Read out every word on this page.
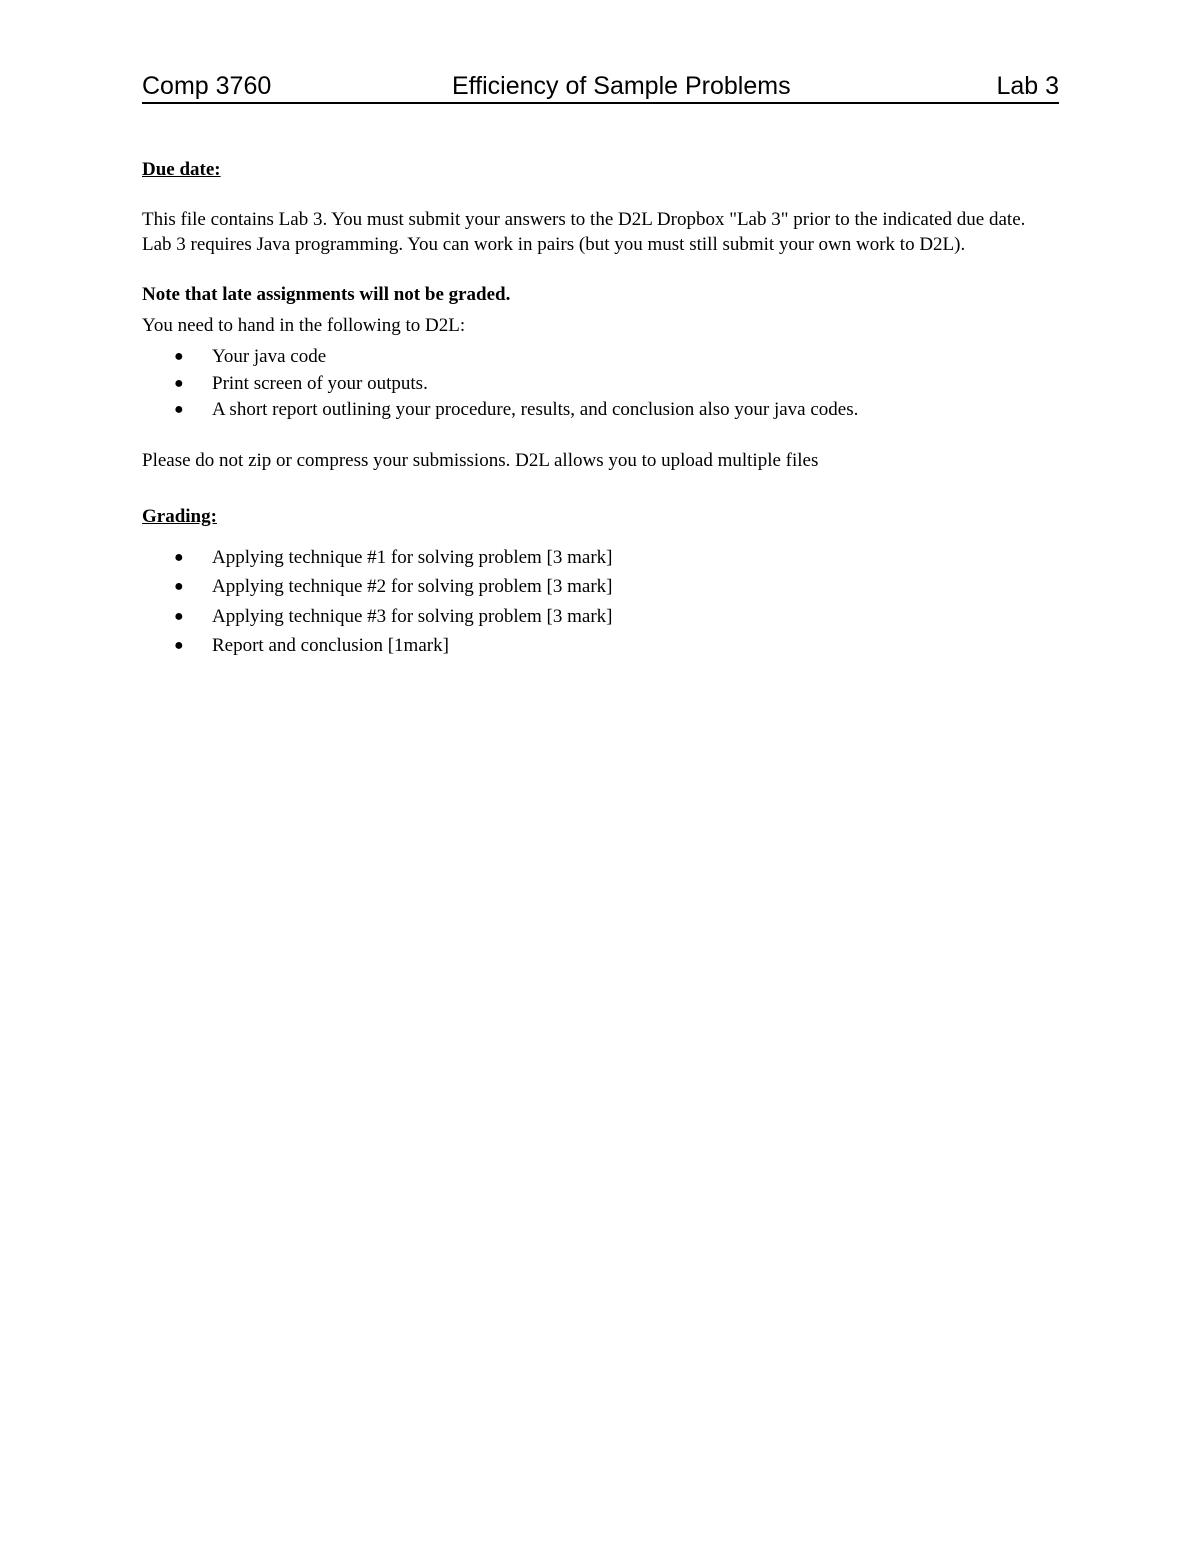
Comp 3760	Efficiency of Sample Problems	Lab 3

Due date:

This file contains Lab 3. You must submit your answers to the D2L Dropbox "Lab 3" prior to the indicated due date.

Lab 3 requires Java programming. You can work in pairs (but you must still submit your own work to D2L).

Note that late assignments will not be graded.

You need to hand in the following to D2L:

● Your java code
● Print screen of your outputs.
● A short report outlining your procedure, results, and conclusion also your java codes.

Please do not zip or compress your submissions. D2L allows you to upload multiple files

Grading:

● Applying technique #1 for solving problem [3 mark]
● Applying technique #2 for solving problem [3 mark]
● Applying technique #3 for solving problem [3 mark]
● Report and conclusion [1mark]
